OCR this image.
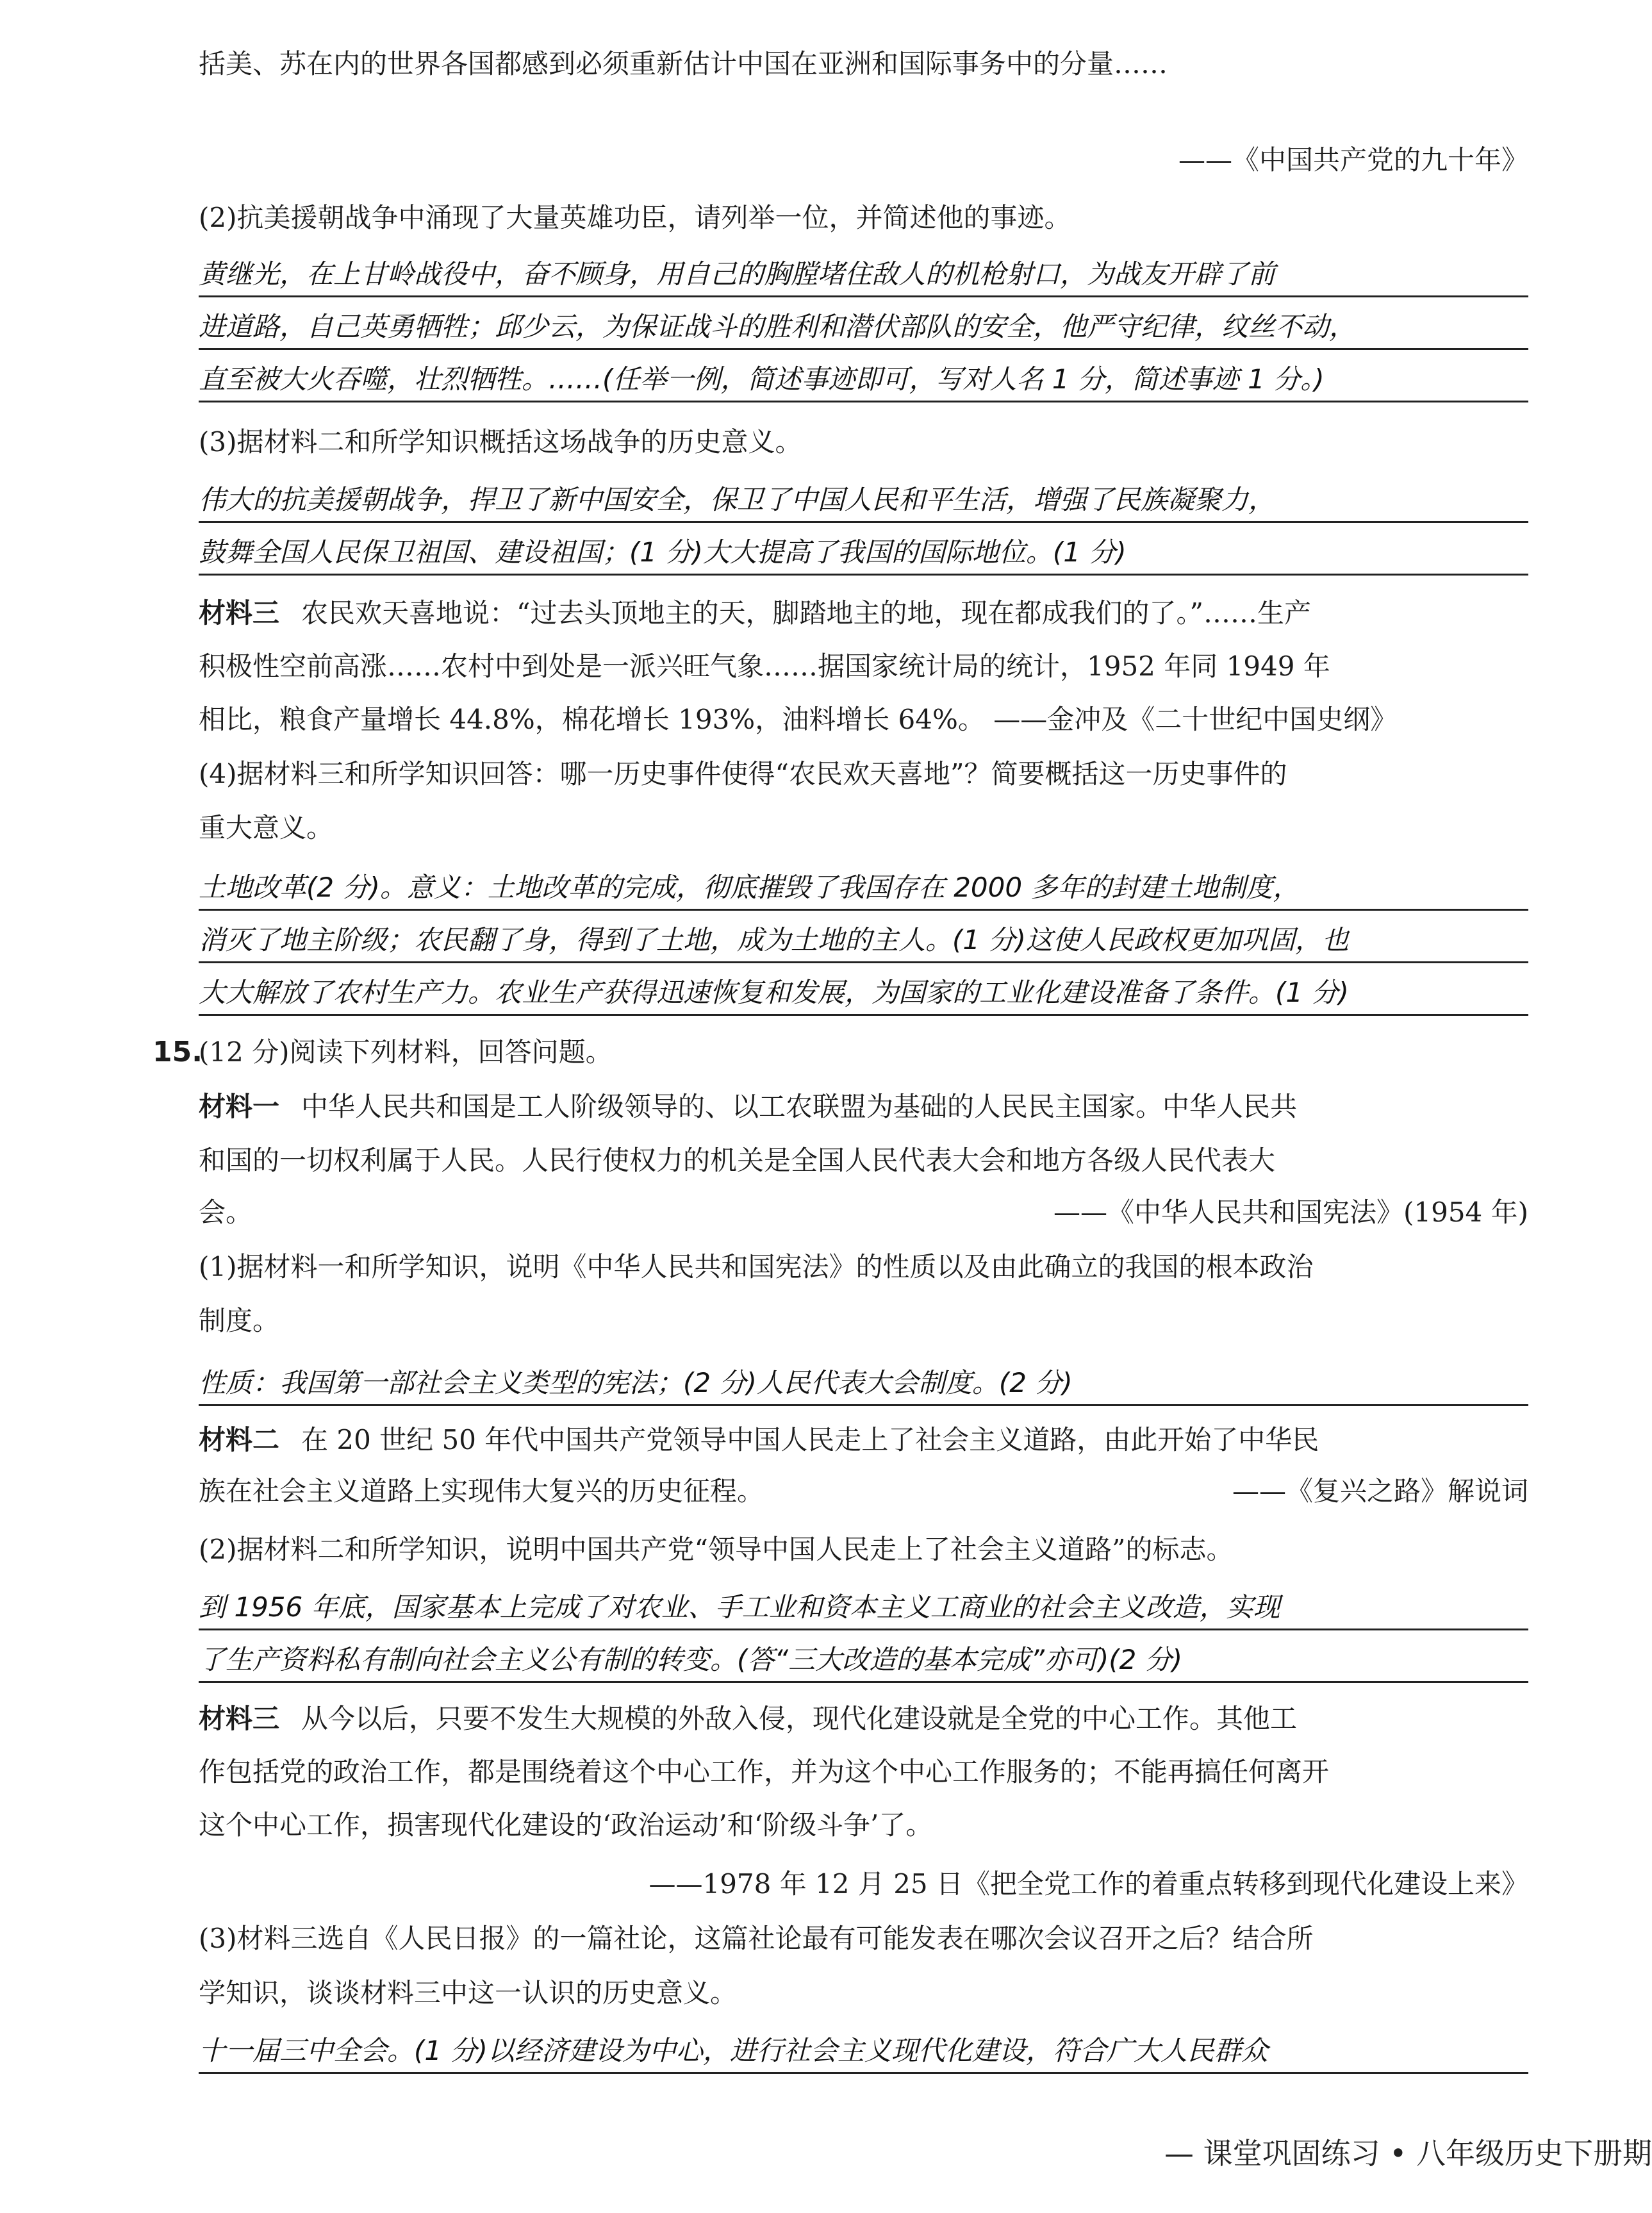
括美、苏在内的世界各国都感到必须重新估计中国在亚洲和国际事务中的分量……
——《中国共产党的九十年》
(2)抗美援朝战争中涌现了大量英雄功臣，请列举一位，并简述他的事迹。
黄继光，在上甘岭战役中，奋不顾身，用自己的胸膛堵住敌人的机枪射口，为战友开辟了前
进道路，自己英勇牺牲；邱少云，为保证战斗的胜利和潜伏部队的安全，他严守纪律，纹丝不动，
直至被大火吞噬，壮烈牺牲。……(任举一例，简述事迹即可，写对人名 1 分，简述事迹 1 分。)
(3)据材料二和所学知识概括这场战争的历史意义。
伟大的抗美援朝战争，捍卫了新中国安全，保卫了中国人民和平生活，增强了民族凝聚力，
鼓舞全国人民保卫祖国、建设祖国；(1 分)大大提高了我国的国际地位。(1 分)
材料三 农民欢天喜地说：“过去头顶地主的天，脚踏地主的地，现在都成我们的了。”……生产
积极性空前高涨……农村中到处是一派兴旺气象……据国家统计局的统计，1952 年同 1949 年
相比，粮食产量增长 44.8%，棉花增长 193%，油料增长 64%。 ——金冲及《二十世纪中国史纲》
(4)据材料三和所学知识回答：哪一历史事件使得“农民欢天喜地”？简要概括这一历史事件的
重大意义。
土地改革(2 分)。意义：土地改革的完成，彻底摧毁了我国存在 2000 多年的封建土地制度，
消灭了地主阶级；农民翻了身，得到了土地，成为土地的主人。(1 分)这使人民政权更加巩固，也
大大解放了农村生产力。农业生产获得迅速恢复和发展，为国家的工业化建设准备了条件。(1 分)
15.
(12 分)阅读下列材料，回答问题。
材料一 中华人民共和国是工人阶级领导的、以工农联盟为基础的人民民主国家。中华人民共
和国的一切权利属于人民。人民行使权力的机关是全国人民代表大会和地方各级人民代表大
会。	——《中华人民共和国宪法》(1954 年)
(1)据材料一和所学知识，说明《中华人民共和国宪法》的性质以及由此确立的我国的根本政治
制度。
性质：我国第一部社会主义类型的宪法；(2 分)人民代表大会制度。(2 分)
材料二 在 20 世纪 50 年代中国共产党领导中国人民走上了社会主义道路，由此开始了中华民
族在社会主义道路上实现伟大复兴的历史征程。	——《复兴之路》解说词
(2)据材料二和所学知识，说明中国共产党“领导中国人民走上了社会主义道路”的标志。
到 1956 年底，国家基本上完成了对农业、手工业和资本主义工商业的社会主义改造，实现
了生产资料私有制向社会主义公有制的转变。(答“三大改造的基本完成”亦可)(2 分)
材料三 从今以后，只要不发生大规模的外敌入侵，现代化建设就是全党的中心工作。其他工
作包括党的政治工作，都是围绕着这个中心工作，并为这个中心工作服务的；不能再搞任何离开
这个中心工作，损害现代化建设的‘政治运动’和‘阶级斗争’了。
——1978 年 12 月 25 日《把全党工作的着重点转移到现代化建设上来》
(3)材料三选自《人民日报》的一篇社论，这篇社论最有可能发表在哪次会议召开之后？结合所
学知识，谈谈材料三中这一认识的历史意义。
十一届三中全会。(1 分)以经济建设为中心，进行社会主义现代化建设，符合广大人民群众
— 课堂巩固练习 • 八年级历史下册期
